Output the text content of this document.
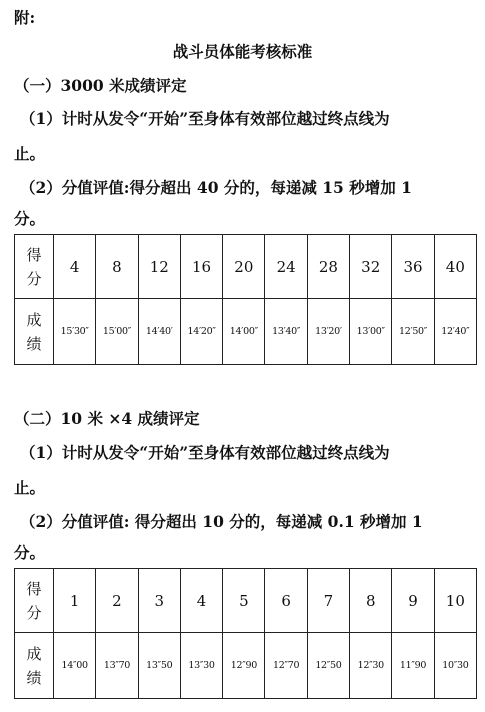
附:
战斗员体能考核标准
（一）3000 米成绩评定
（1）计时从发令“开始”至身体有效部位越过终点线为
止。
（2）分值评值:得分超出 40 分的，每递减 15 秒增加 1
分。
得
分	4	8	12	16	20	24	28	32	36	40

成
绩	15′30″	15′00″	14′40′	14′20″	14′00″	13′40″	13′20′	13′00″	12′50″	12′40″
（二）10 米 ×4 成绩评定
（1）计时从发令“开始”至身体有效部位越过终点线为
止。
（2）分值评值: 得分超出 10 分的，每递减 0.1 秒增加 1
分。
得
分	1	2	3	4	5	6	7	8	9	10

成
绩	14″00	13″70	13″50	13″30	12″90	12″70	12″50	12″30	11″90	10″30
